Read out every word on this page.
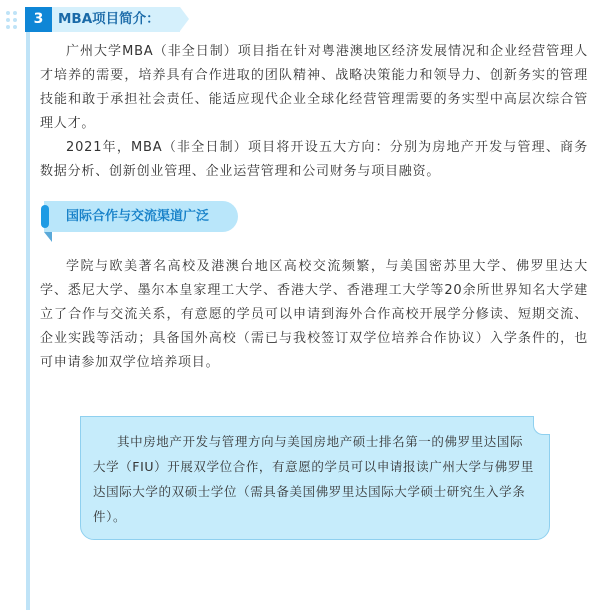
3	MBA项目简介：

广州大学MBA（非全日制）项目指在针对粤港澳地区经济发展情况和企业经营管理人才培养的需要，培养具有合作进取的团队精神、战略决策能力和领导力、创新务实的管理技能和敢于承担社会责任、能适应现代企业全球化经营管理需要的务实型中高层次综合管理人才。

2021年，MBA（非全日制）项目将开设五大方向：分别为房地产开发与管理、商务数据分析、创新创业管理、企业运营管理和公司财务与项目融资。

国际合作与交流渠道广泛

学院与欧美著名高校及港澳台地区高校交流频繁，与美国密苏里大学、佛罗里达大学、悉尼大学、墨尔本皇家理工大学、香港大学、香港理工大学等20余所世界知名大学建立了合作与交流关系，有意愿的学员可以申请到海外合作高校开展学分修读、短期交流、企业实践等活动；具备国外高校（需已与我校签订双学位培养合作协议）入学条件的，也可申请参加双学位培养项目。

其中房地产开发与管理方向与美国房地产硕士排名第一的佛罗里达国际大学（FIU）开展双学位合作，有意愿的学员可以申请报读广州大学与佛罗里达国际大学的双硕士学位（需具备美国佛罗里达国际大学硕士研究生入学条件）。
